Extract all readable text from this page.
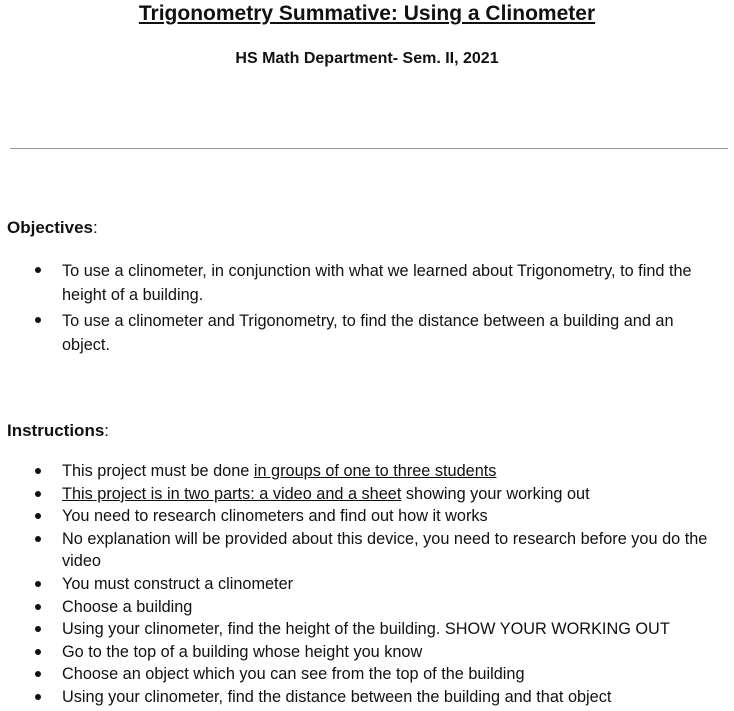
Trigonometry Summative: Using a Clinometer
HS Math Department- Sem. II, 2021
Objectives:
To use a clinometer, in conjunction with what we learned about Trigonometry, to find the height of a building.
To use a clinometer and Trigonometry, to find the distance between a building and an object.
Instructions:
This project must be done in groups of one to three students
This project is in two parts: a video and a sheet showing your working out
You need to research clinometers and find out how it works
No explanation will be provided about this device, you need to research before you do the video
You must construct a clinometer
Choose a building
Using your clinometer, find the height of the building. SHOW YOUR WORKING OUT
Go to the top of a building whose height you know
Choose an object which you can see from the top of the building
Using your clinometer, find the distance between the building and that object
